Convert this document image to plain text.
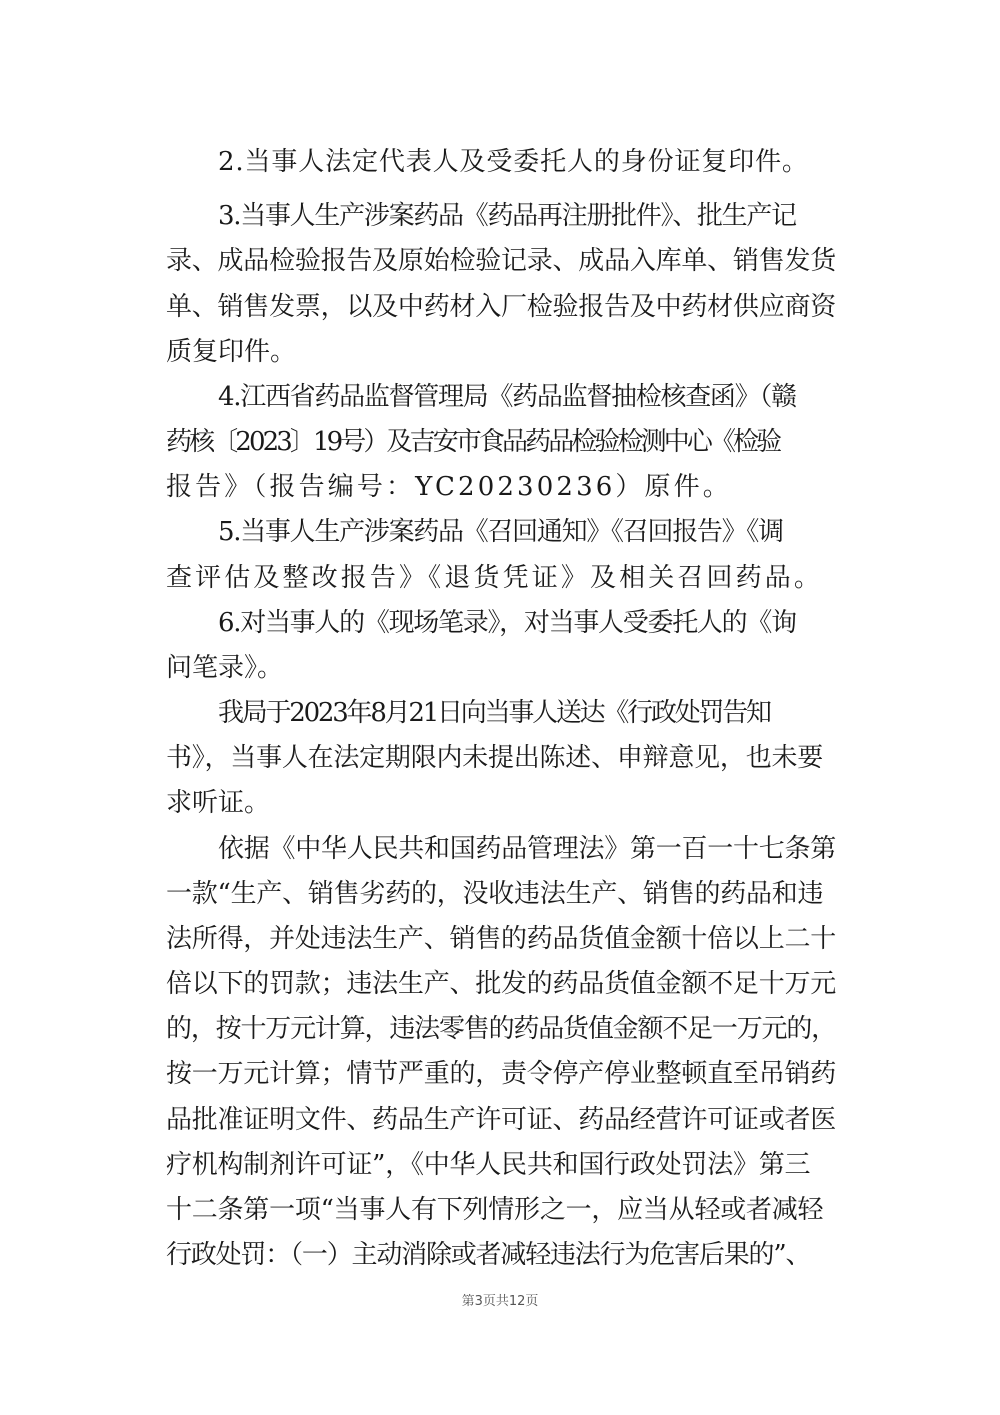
2.当事人法定代表人及受委托人的身份证复印件。
3.当事人生产涉案药品《药品再注册批件》、批生产记
录、成品检验报告及原始检验记录、成品入库单、销售发货
单、销售发票，以及中药材入厂检验报告及中药材供应商资
质复印件。
4.江西省药品监督管理局《药品监督抽检核查函》（赣
药核〔2023〕19号）及吉安市食品药品检验检测中心《检验
报告》（报告编号：YC20230236）原件。
5.当事人生产涉案药品《召回通知》《召回报告》《调
查评估及整改报告》《退货凭证》及相关召回药品。
6.对当事人的《现场笔录》，对当事人受委托人的《询
问笔录》。
我局于2023年8月21日向当事人送达《行政处罚告知
书》，当事人在法定期限内未提出陈述、申辩意见，也未要
求听证。
依据《中华人民共和国药品管理法》第一百一十七条第
一款“生产、销售劣药的，没收违法生产、销售的药品和违
法所得，并处违法生产、销售的药品货值金额十倍以上二十
倍以下的罚款；违法生产、批发的药品货值金额不足十万元
的，按十万元计算，违法零售的药品货值金额不足一万元的，
按一万元计算；情节严重的，责令停产停业整顿直至吊销药
品批准证明文件、药品生产许可证、药品经营许可证或者医
疗机构制剂许可证”，《中华人民共和国行政处罚法》第三
十二条第一项“当事人有下列情形之一，应当从轻或者减轻
行政处罚：（一）主动消除或者减轻违法行为危害后果的”、
第3页共12页
